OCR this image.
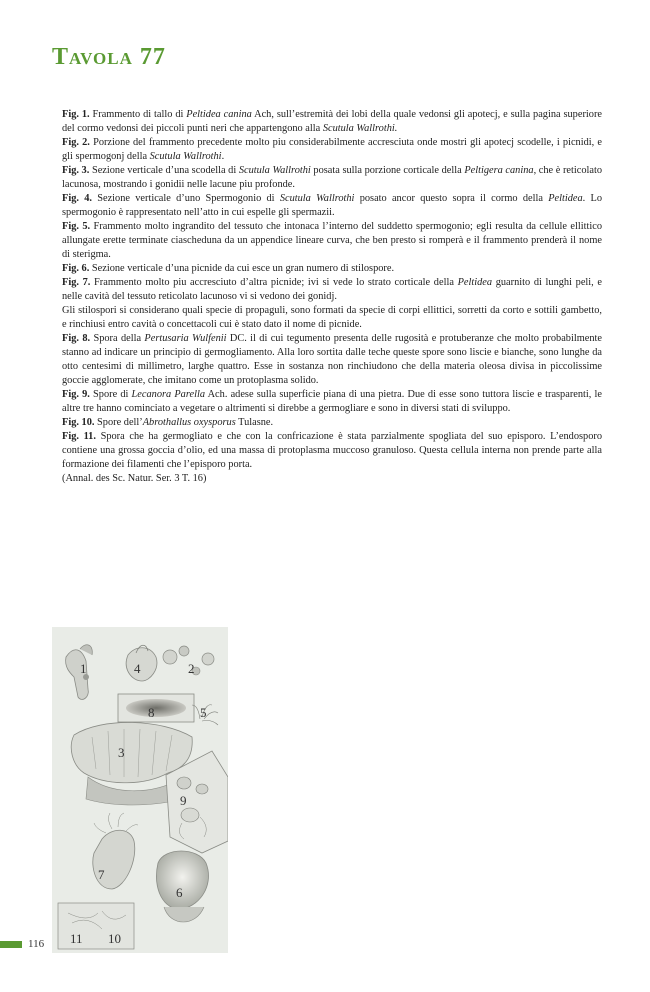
Tavola 77

Fig. 1. Frammento di tallo di Peltidea canina Ach, sull’estremità dei lobi della quale vedonsi gli apotecj, e sulla pagina superiore del cormo vedonsi dei piccoli punti neri che appartengono alla Scutula Wallrothi.

Fig. 2. Porzione del frammento precedente molto piu considerabilmente accresciuta onde mostri gli apotecj scodelle, i picnidi, e gli spermogonj della Scutula Wallrothi.

Fig. 3. Sezione verticale d’una scodella di Scutula Wallrothi posata sulla porzione corticale della Peltigera canina, che è reticolato lacunosa, mostrando i gonidii nelle lacune piu profonde.

Fig. 4. Sezione verticale d’uno Spermogonio di Scutula Wallrothi posato ancor questo sopra il cormo della Peltidea. Lo spermogonio è rappresentato nell’atto in cui espelle gli spermazii.

Fig. 5. Frammento molto ingrandito del tessuto che intonaca l’interno del suddetto spermogonio; egli resulta da cellule ellittico allungate erette terminate ciascheduna da un appendice lineare curva, che ben presto si romperà e il frammento prenderà il nome di sterigma.

Fig. 6. Sezione verticale d’una picnide da cui esce un gran numero di stilospore.

Fig. 7. Frammento molto piu accresciuto d’altra picnide; ivi si vede lo strato corticale della Peltidea guarnito di lunghi peli, e nelle cavità del tessuto reticolato lacunoso vi si vedono dei gonidj.

Gli stilospori si considerano quali specie di propaguli, sono formati da specie di corpi ellittici, sorretti da corto e sottili gambetto, e rinchiusi entro cavità o concettacoli cui è stato dato il nome di picnide.

Fig. 8. Spora della Pertusaria Wulfenii DC. il di cui tegumento presenta delle rugosità e protuberanze che molto probabilmente stanno ad indicare un principio di germogliamento. Alla loro sortita dalle teche queste spore sono liscie e bianche, sono lunghe da otto centesimi di millimetro, larghe quattro. Esse in sostanza non rinchiudono che della materia oleosa divisa in piccolissime goccie agglomerate, che imitano come un protoplasma solido.

Fig. 9. Spore di Lecanora Parella Ach. adese sulla superficie piana di una pietra. Due di esse sono tuttora liscie e trasparenti, le altre tre hanno cominciato a vegetare o altrimenti si direbbe a germogliare e sono in diversi stati di sviluppo.

Fig. 10. Spore dell’Abrothallus oxysporus Tulasne.

Fig. 11. Spora che ha germogliato e che con la confricazione è stata parzialmente spogliata del suo episporo. L’endosporo contiene una grossa goccia d’olio, ed una massa di protoplasma muccoso granuloso. Questa cellula interna non prende parte alla formazione dei filamenti che l’episporo porta.

(Annal. des Sc. Natur. Ser. 3 T. 16)

1	4	2
8	5
3
9
7
6
11 10
116
